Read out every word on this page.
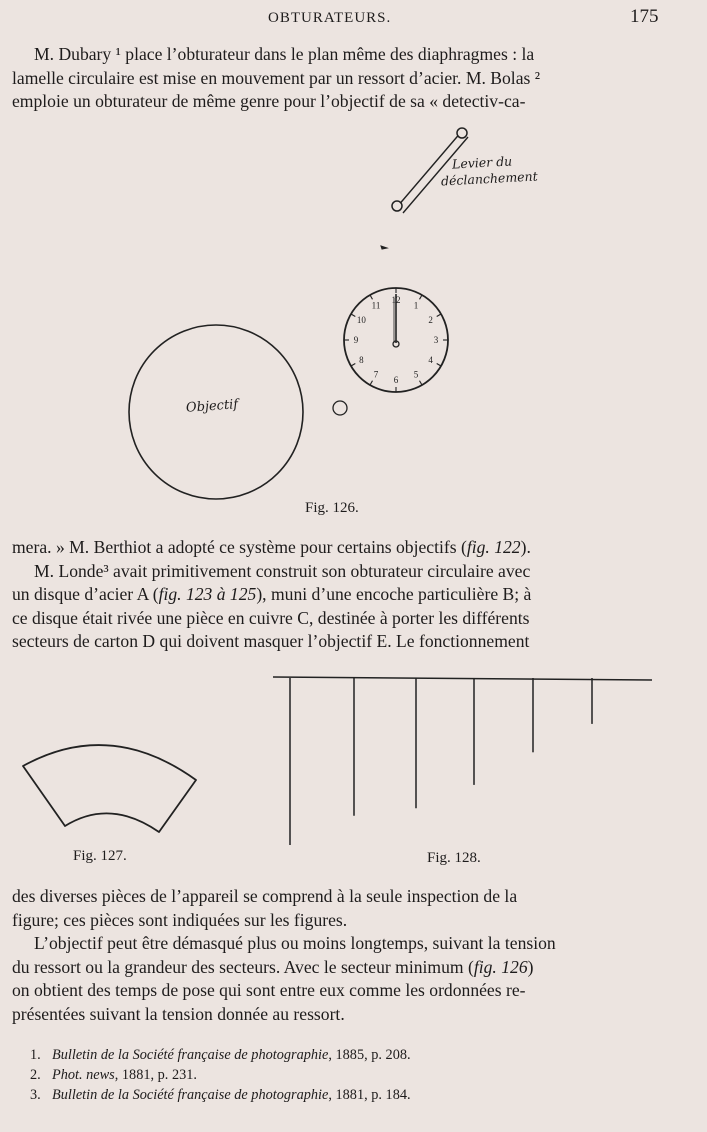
OBTURATEURS.	175
M. Dubary ¹ place l’obturateur dans le plan même des diaphragmes : la
lamelle circulaire est mise en mouvement par un ressort d’acier. M. Bolas ²
emploie un obturateur de même genre pour l’objectif de sa « detectiv-ca-
12
1
2
3
4
5
6
7
8
9
10
11
Levier du
déclanchement
Objectif
Fig. 126.
mera. » M. Berthiot a adopté ce système pour certains objectifs (fig. 122).
M. Londe³ avait primitivement construit son obturateur circulaire avec
un disque d’acier A (fig. 123 à 125), muni d’une encoche particulière B; à
ce disque était rivée une pièce en cuivre C, destinée à porter les différents
secteurs de carton D qui doivent masquer l’objectif E. Le fonctionnement
Fig. 127.	Fig. 128.
des diverses pièces de l’appareil se comprend à la seule inspection de la
figure; ces pièces sont indiquées sur les figures.
L’objectif peut être démasqué plus ou moins longtemps, suivant la tension
du ressort ou la grandeur des secteurs. Avec le secteur minimum (fig. 126)
on obtient des temps de pose qui sont entre eux comme les ordonnées re-
présentées suivant la tension donnée au ressort.
1. Bulletin de la Société française de photographie, 1885, p. 208.
2. Phot. news, 1881, p. 231.
3. Bulletin de la Société française de photographie, 1881, p. 184.
